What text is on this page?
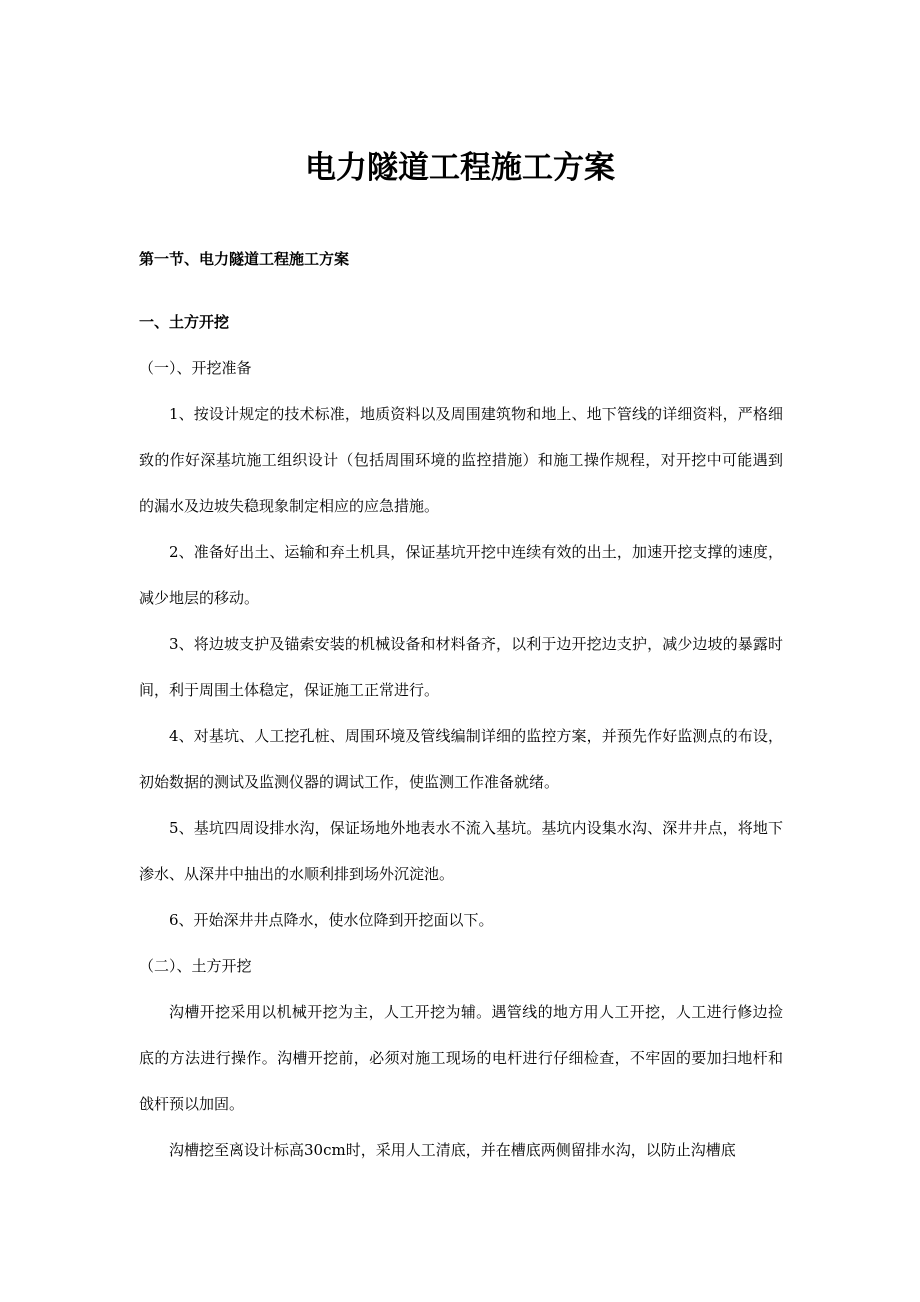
电力隧道工程施工方案
第一节、电力隧道工程施工方案
一、土方开挖

（一）、开挖准备

1、按设计规定的技术标准，地质资料以及周围建筑物和地上、地下管线的详细资料，严格细致的作好深基坑施工组织设计（包括周围环境的监控措施）和施工操作规程，对开挖中可能遇到的漏水及边坡失稳现象制定相应的应急措施。

2、准备好出土、运输和弃土机具，保证基坑开挖中连续有效的出土，加速开挖支撑的速度，减少地层的移动。

3、将边坡支护及锚索安装的机械设备和材料备齐，以利于边开挖边支护，减少边坡的暴露时间，利于周围土体稳定，保证施工正常进行。

4、对基坑、人工挖孔桩、周围环境及管线编制详细的监控方案，并预先作好监测点的布设，初始数据的测试及监测仪器的调试工作，使监测工作准备就绪。

5、基坑四周设排水沟，保证场地外地表水不流入基坑。基坑内设集水沟、深井井点，将地下渗水、从深井中抽出的水顺利排到场外沉淀池。

6、开始深井井点降水，使水位降到开挖面以下。

（二）、土方开挖

沟槽开挖采用以机械开挖为主，人工开挖为辅。遇管线的地方用人工开挖，人工进行修边捡底的方法进行操作。沟槽开挖前，必须对施工现场的电杆进行仔细检查，不牢固的要加扫地杆和戗杆预以加固。

沟槽挖至离设计标高30cm时，采用人工清底，并在槽底两侧留排水沟，以防止沟槽底
